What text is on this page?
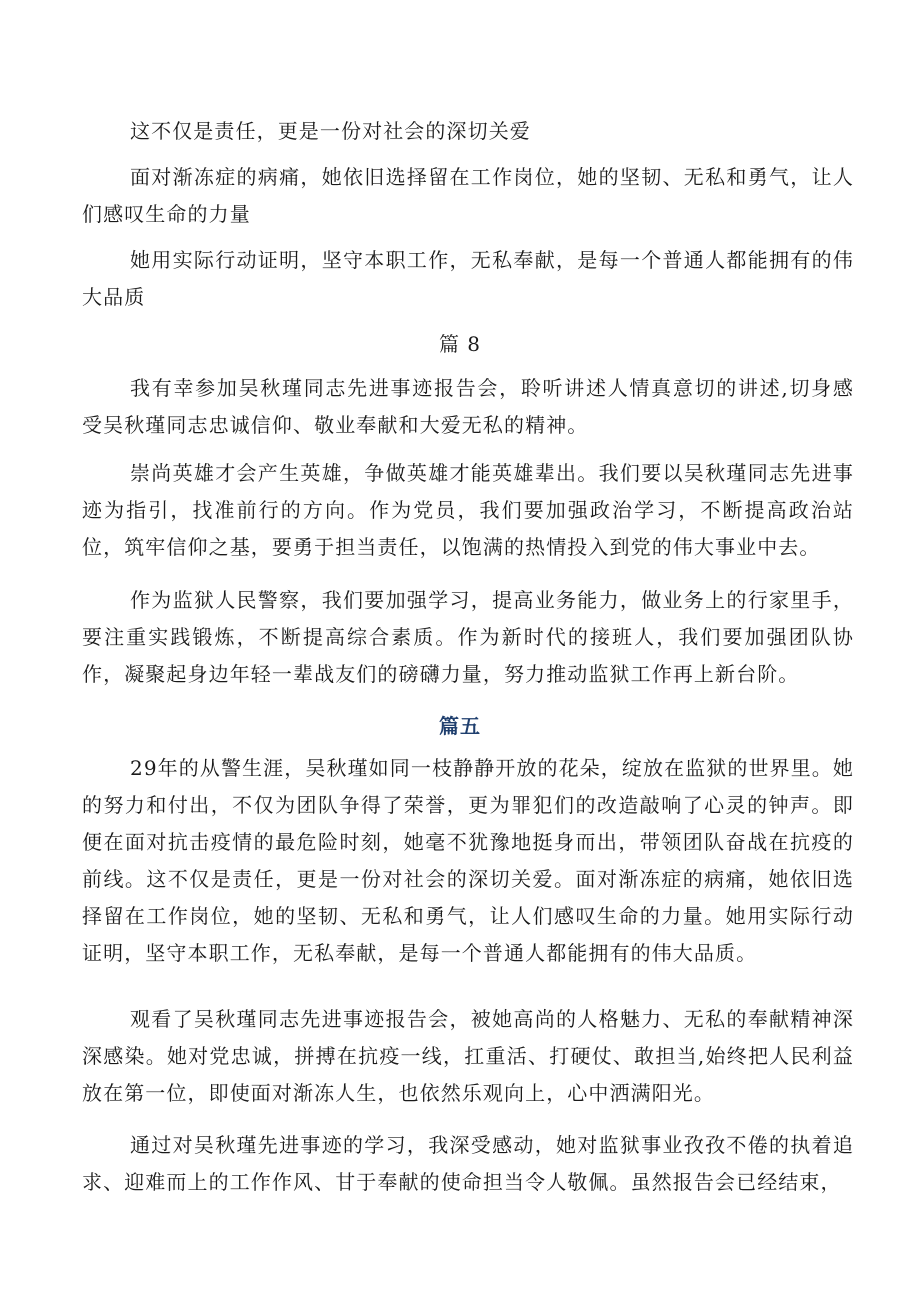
这不仅是责任，更是一份对社会的深切关爱

面对渐冻症的病痛，她依旧选择留在工作岗位，她的坚韧、无私和勇气，让人们感叹生命的力量

她用实际行动证明，坚守本职工作，无私奉献，是每一个普通人都能拥有的伟大品质

篇 8

我有幸参加吴秋瑾同志先进事迹报告会，聆听讲述人情真意切的讲述,切身感受吴秋瑾同志忠诚信仰、敬业奉献和大爱无私的精神。

崇尚英雄才会产生英雄，争做英雄才能英雄辈出。我们要以吴秋瑾同志先进事迹为指引，找准前行的方向。作为党员，我们要加强政治学习，不断提高政治站位，筑牢信仰之基，要勇于担当责任，以饱满的热情投入到党的伟大事业中去。

作为监狱人民警察，我们要加强学习，提高业务能力，做业务上的行家里手，要注重实践锻炼，不断提高综合素质。作为新时代的接班人，我们要加强团队协作，凝聚起身边年轻一辈战友们的磅礴力量，努力推动监狱工作再上新台阶。

篇五

29年的从警生涯，吴秋瑾如同一枝静静开放的花朵，绽放在监狱的世界里。她的努力和付出，不仅为团队争得了荣誉，更为罪犯们的改造敲响了心灵的钟声。即便在面对抗击疫情的最危险时刻，她毫不犹豫地挺身而出，带领团队奋战在抗疫的前线。这不仅是责任，更是一份对社会的深切关爱。面对渐冻症的病痛，她依旧选择留在工作岗位，她的坚韧、无私和勇气，让人们感叹生命的力量。她用实际行动证明，坚守本职工作，无私奉献，是每一个普通人都能拥有的伟大品质。

观看了吴秋瑾同志先进事迹报告会，被她高尚的人格魅力、无私的奉献精神深深感染。她对党忠诚，拼搏在抗疫一线，扛重活、打硬仗、敢担当,始终把人民利益放在第一位，即使面对渐冻人生，也依然乐观向上，心中洒满阳光。

通过对吴秋瑾先进事迹的学习，我深受感动，她对监狱事业孜孜不倦的执着追求、迎难而上的工作作风、甘于奉献的使命担当令人敬佩。虽然报告会已经结束，
